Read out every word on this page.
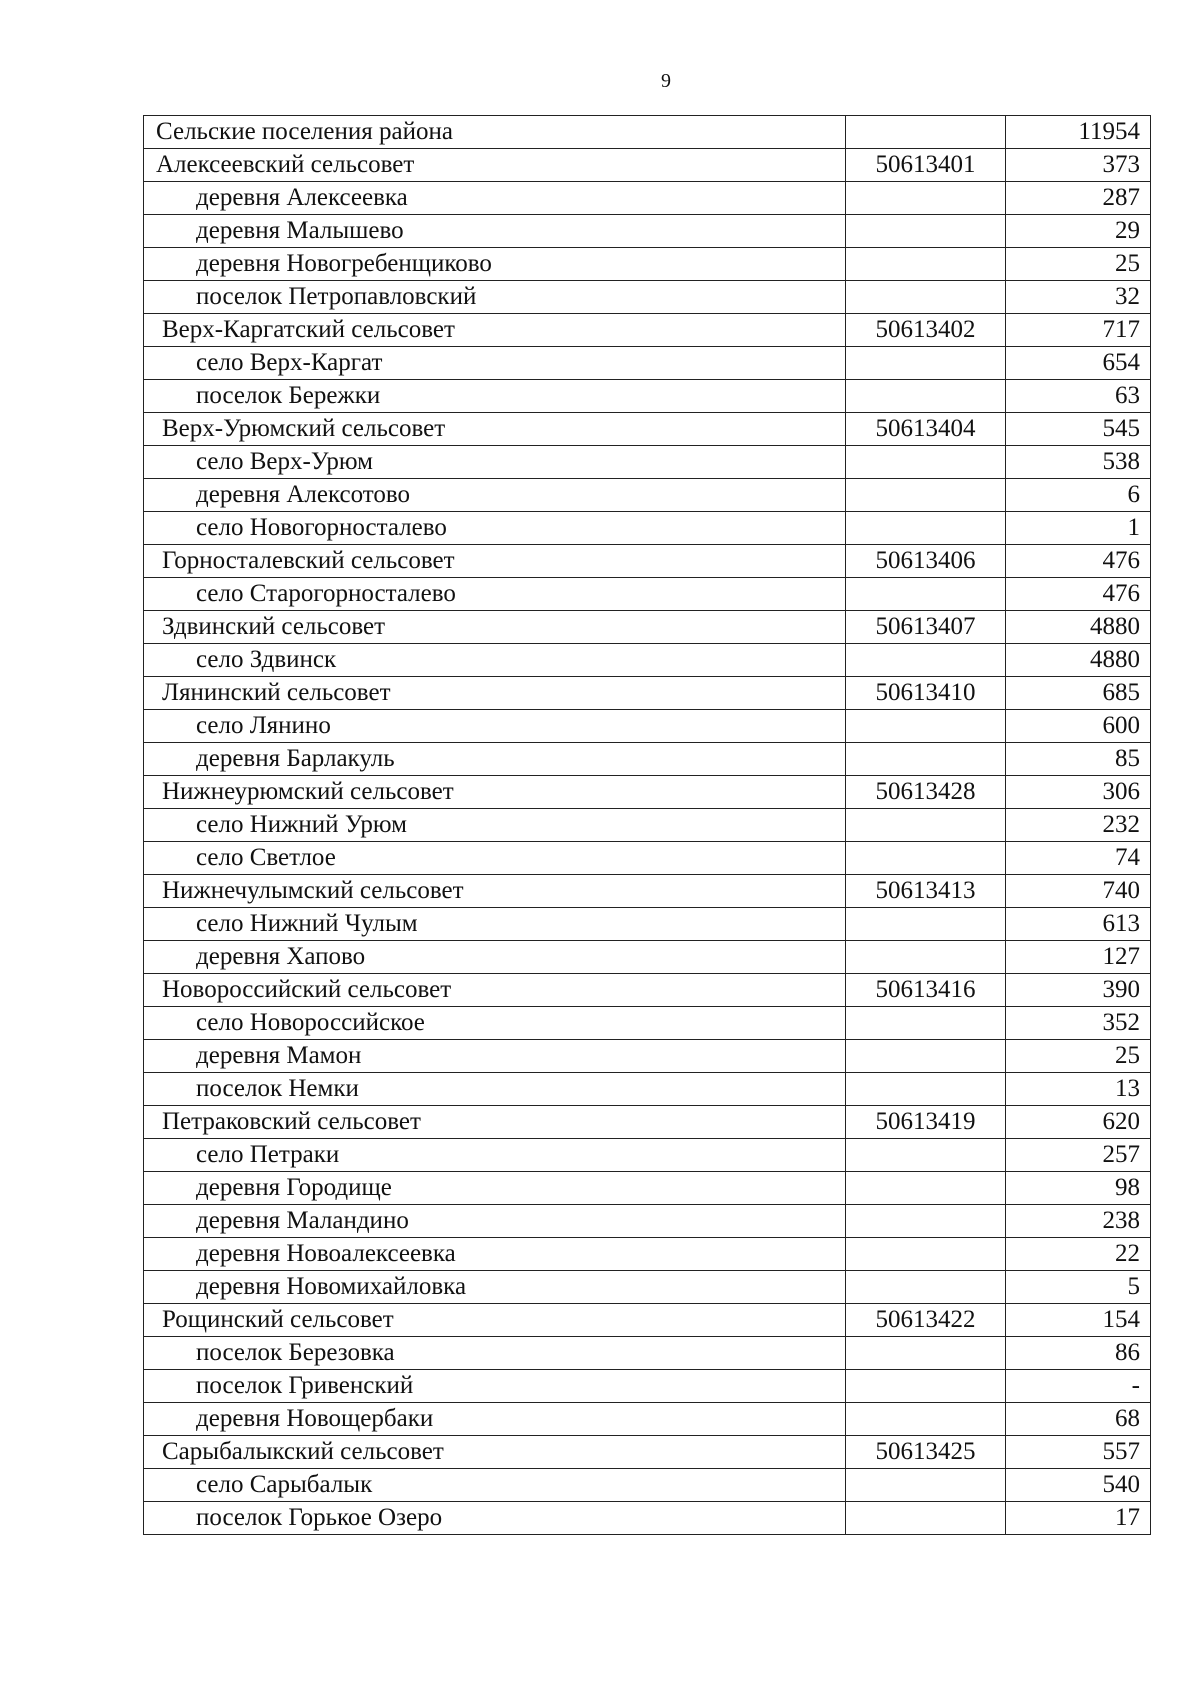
9
Сельские поселения района		11954
Алексеевский сельсовет	50613401	373
деревня Алексеевка		287
деревня Малышево		29
деревня Новогребенщиково		25
поселок Петропавловский		32
Верх-Каргатский сельсовет	50613402	717
село Верх-Каргат		654
поселок Бережки		63
Верх-Урюмский сельсовет	50613404	545
село Верх-Урюм		538
деревня Алексотово		6
село Новогорносталево		1
Горносталевский сельсовет	50613406	476
село Старогорносталево		476
Здвинский сельсовет	50613407	4880
село Здвинск		4880
Лянинский сельсовет	50613410	685
село Лянино		600
деревня Барлакуль		85
Нижнеурюмский сельсовет	50613428	306
село Нижний Урюм		232
село Светлое		74
Нижнечулымский сельсовет	50613413	740
село Нижний Чулым		613
деревня Хапово		127
Новороссийский сельсовет	50613416	390
село Новороссийское		352
деревня Мамон		25
поселок Немки		13
Петраковский сельсовет	50613419	620
село Петраки		257
деревня Городище		98
деревня Маландино		238
деревня Новоалексеевка		22
деревня Новомихайловка		5
Рощинский сельсовет	50613422	154
поселок Березовка		86
поселок Гривенский		-
деревня Новощербаки		68
Сарыбалыкский сельсовет	50613425	557
село Сарыбалык		540
поселок Горькое Озеро		17
